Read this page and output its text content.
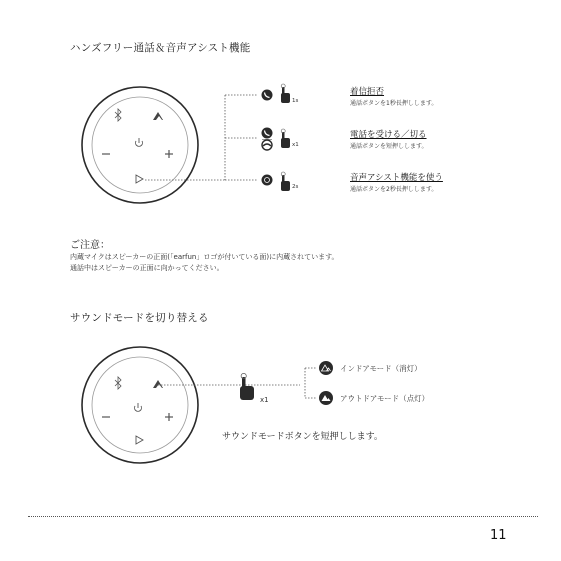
ハンズフリー通話＆音声アシスト機能
1s
x1
2s
着信拒否
通話ボタンを1秒長押しします。
電話を受ける／切る
通話ボタンを短押しします。
音声アシスト機能を使う
通話ボタンを2秒長押しします。
ご注意：
内蔵マイクはスピーカーの正面(「earfun」ロゴが付いている面)に内蔵されています。
通話中はスピーカーの正面に向かってください。
サウンドモードを切り替える
x1
インドアモード（消灯）
アウトドアモード（点灯）
サウンドモードボタンを短押しします。
11
